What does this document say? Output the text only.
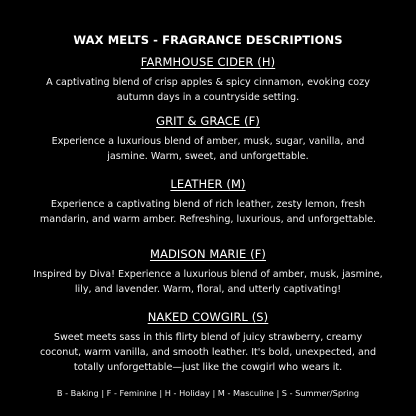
WAX MELTS - FRAGRANCE DESCRIPTIONS
FARMHOUSE CIDER (H)
A captivating blend of crisp apples & spicy cinnamon, evoking cozy autumn days in a countryside setting.
GRIT & GRACE (F)
Experience a luxurious blend of amber, musk, sugar, vanilla, and jasmine. Warm, sweet, and unforgettable.
LEATHER (M)
Experience a captivating blend of rich leather, zesty lemon, fresh mandarin, and warm amber. Refreshing, luxurious, and unforgettable.
MADISON MARIE (F)
Inspired by Diva! Experience a luxurious blend of amber, musk, jasmine, lily, and lavender. Warm, floral, and utterly captivating!
NAKED COWGIRL (S)
Sweet meets sass in this flirty blend of juicy strawberry, creamy coconut, warm vanilla, and smooth leather. It's bold, unexpected, and totally unforgettable—just like the cowgirl who wears it.
B - Baking | F - Feminine | H - Holiday | M - Masculine | S - Summer/Spring
